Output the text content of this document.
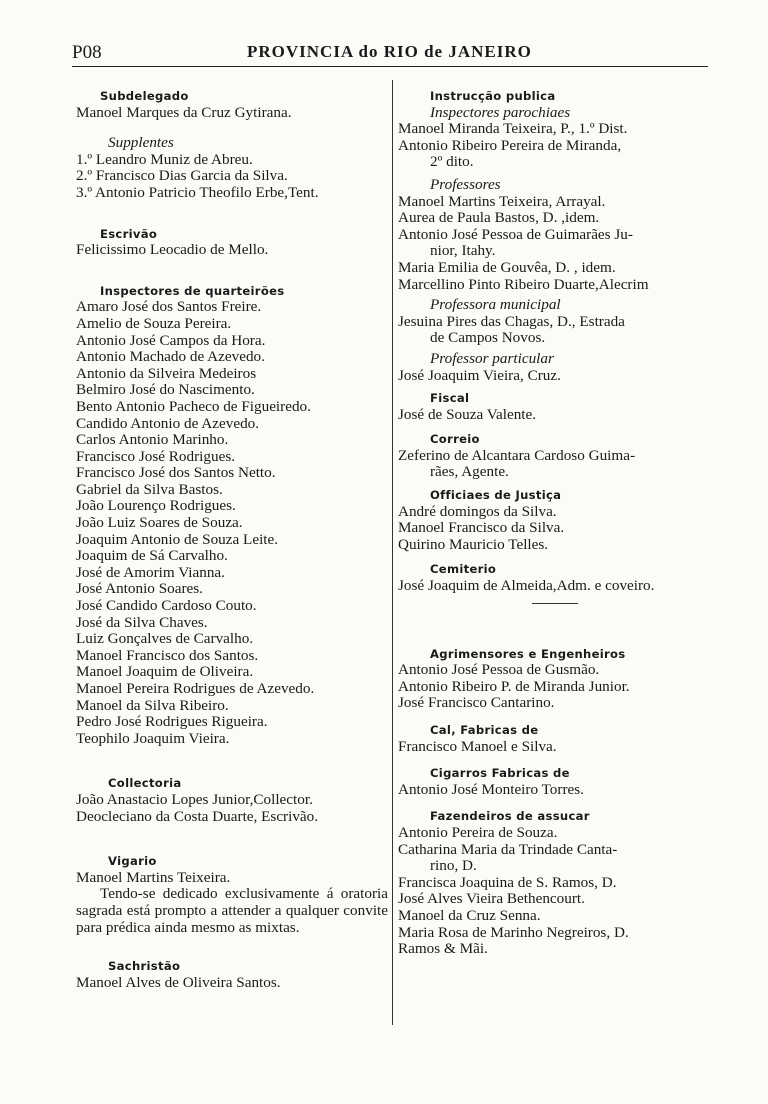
P08	PROVINCIA do RIO de JANEIRO
Subdelegado
Manoel Marques da Cruz Gytirana.
Supplentes
1.º Leandro Muniz de Abreu.
2.º Francisco Dias Garcia da Silva.
3.º Antonio Patricio Theofilo Erbe,Tent.
Escrivão
Felicissimo Leocadio de Mello.
Inspectores de quarteirões
Amaro José dos Santos Freire.
Amelio de Souza Pereira.
Antonio José Campos da Hora.
Antonio Machado de Azevedo.
Antonio da Silveira Medeiros
Belmiro José do Nascimento.
Bento Antonio Pacheco de Figueiredo.
Candido Antonio de Azevedo.
Carlos Antonio Marinho.
Francisco José Rodrigues.
Francisco José dos Santos Netto.
Gabriel da Silva Bastos.
João Lourenço Rodrigues.
João Luiz Soares de Souza.
Joaquim Antonio de Souza Leite.
Joaquim de Sá Carvalho.
José de Amorim Vianna.
José Antonio Soares.
José Candido Cardoso Couto.
José da Silva Chaves.
Luiz Gonçalves de Carvalho.
Manoel Francisco dos Santos.
Manoel Joaquim de Oliveira.
Manoel Pereira Rodrigues de Azevedo.
Manoel da Silva Ribeiro.
Pedro José Rodrigues Rigueira.
Teophilo Joaquim Vieira.
Collectoria
João Anastacio Lopes Junior,Collector.
Deocleciano da Costa Duarte, Escrivão.
Vigario
Manoel Martins Teixeira.
Tendo-se dedicado exclusivamente á oratoria sagrada está prompto a attender a qualquer convite para prédica ainda mesmo as mixtas.
Sachristão
Manoel Alves de Oliveira Santos.
Instrucção publica
Inspectores parochiaes
Manoel Miranda Teixeira, P., 1.º Dist.
Antonio Ribeiro Pereira de Miranda,
2º dito.
Professores
Manoel Martins Teixeira, Arrayal.
Aurea de Paula Bastos, D. ,idem.
Antonio José Pessoa de Guimarães Ju-
nior, Itahy.
Maria Emilia de Gouvêa, D. , idem.
Marcellino Pinto Ribeiro Duarte,Alecrim
Professora municipal
Jesuina Pires das Chagas, D., Estrada
de Campos Novos.
Professor particular
José Joaquim Vieira, Cruz.
Fiscal
José de Souza Valente.
Correio
Zeferino de Alcantara Cardoso Guima-
rães, Agente.
Officiaes de Justiça
André domingos da Silva.
Manoel Francisco da Silva.
Quirino Mauricio Telles.
Cemiterio
José Joaquim de Almeida,Adm. e coveiro.
Agrimensores e Engenheiros
Antonio José Pessoa de Gusmão.
Antonio Ribeiro P. de Miranda Junior.
José Francisco Cantarino.
Cal, Fabricas de
Francisco Manoel e Silva.
Cigarros Fabricas de
Antonio José Monteiro Torres.
Fazendeiros de assucar
Antonio Pereira de Souza.
Catharina Maria da Trindade Canta-
rino, D.
Francisca Joaquina de S. Ramos, D.
José Alves Vieira Bethencourt.
Manoel da Cruz Senna.
Maria Rosa de Marinho Negreiros, D.
Ramos & Mãi.
